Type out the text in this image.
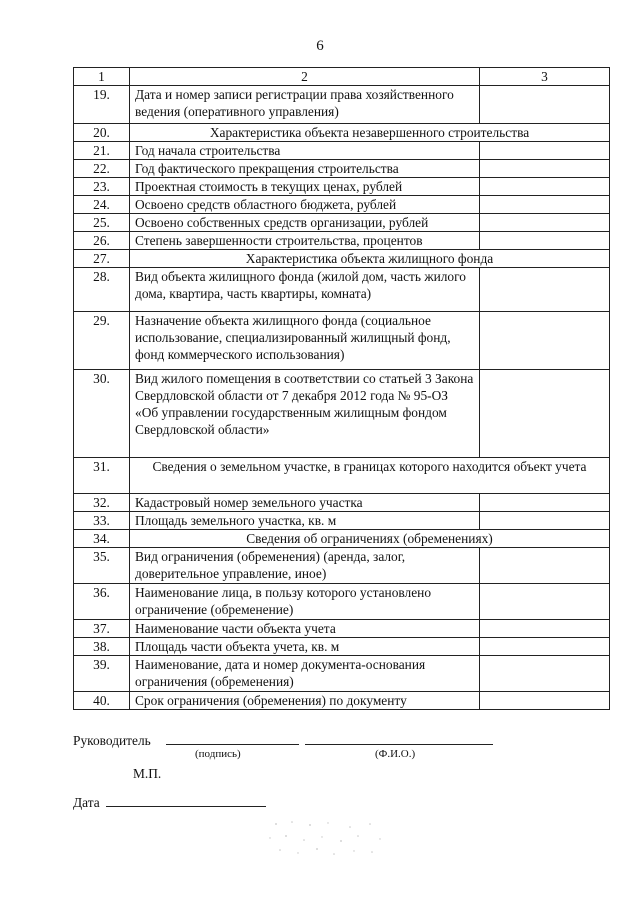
6
1	2	3
19.	Дата и номер записи регистрации права хозяйственного ведения (оперативного управления)	
20.	Характеристика объекта незавершенного строительства	
21.	Год начала строительства	
22.	Год фактического прекращения строительства	
23.	Проектная стоимость в текущих ценах, рублей	
24.	Освоено средств областного бюджета, рублей	
25.	Освоено собственных средств организации, рублей	
26.	Степень завершенности строительства, процентов	
27.	Характеристика объекта жилищного фонда	
28.	Вид объекта жилищного фонда (жилой дом, часть жилого дома, квартира, часть квартиры, комната)	
29.	Назначение объекта жилищного фонда (социальное использование, специализированный жилищный фонд, фонд коммерческого использования)	
30.	Вид жилого помещения в соответствии со статьей 3 Закона Свердловской области от 7 декабря 2012 года № 95-ОЗ «Об управлении государственным жилищным фондом Свердловской области»	
31.	Сведения о земельном участке, в границах которого находится объект учета	
32.	Кадастровый номер земельного участка	
33.	Площадь земельного участка, кв. м	
34.	Сведения об ограничениях (обременениях)	
35.	Вид ограничения (обременения) (аренда, залог, доверительное управление, иное)	
36.	Наименование лица, в пользу которого установлено ограничение (обременение)	
37.	Наименование части объекта учета	
38.	Площадь части объекта учета, кв. м	
39.	Наименование, дата и номер документа-основания ограничения (обременения)	
40.	Срок ограничения (обременения) по документу	
Руководитель
(подпись)	(Ф.И.О.)
М.П.
Дата
